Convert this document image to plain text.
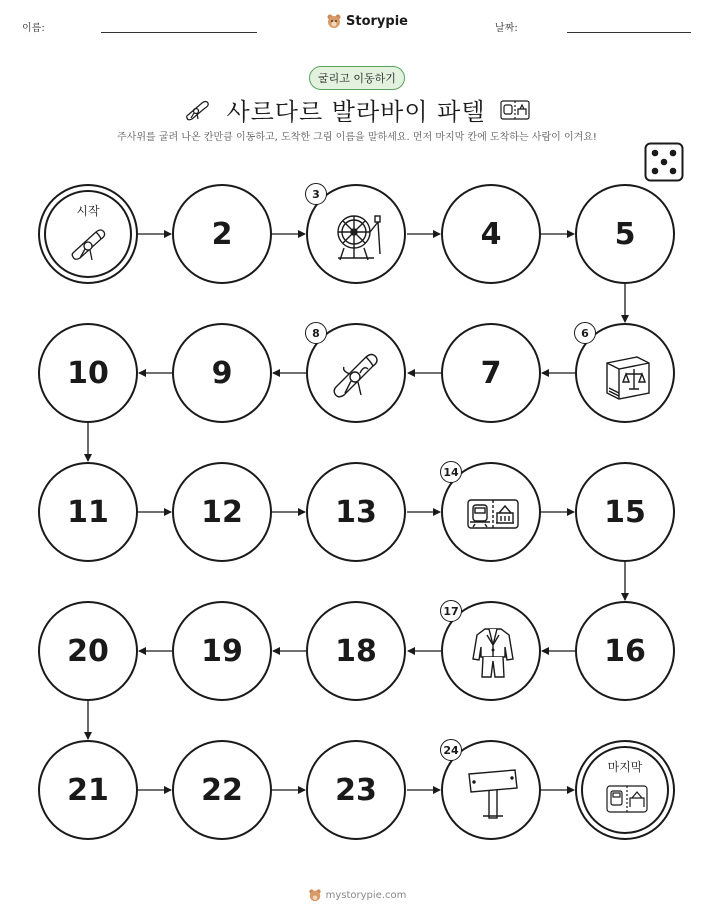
이름:	Storypie	날짜:
굴리고 이동하기
사르다르 발라바이 파텔
주사위를 굴려 나온 칸만큼 이동하고, 도착한 그림 이름을 말하세요. 먼저 마지막 칸에 도착하는 사람이 이겨요!
시작
2
3
4	5
10	9
8
7
6
11	12	13
14
15
20	19	18
17
16
21	22	23
24
마지막
mystorypie.com
